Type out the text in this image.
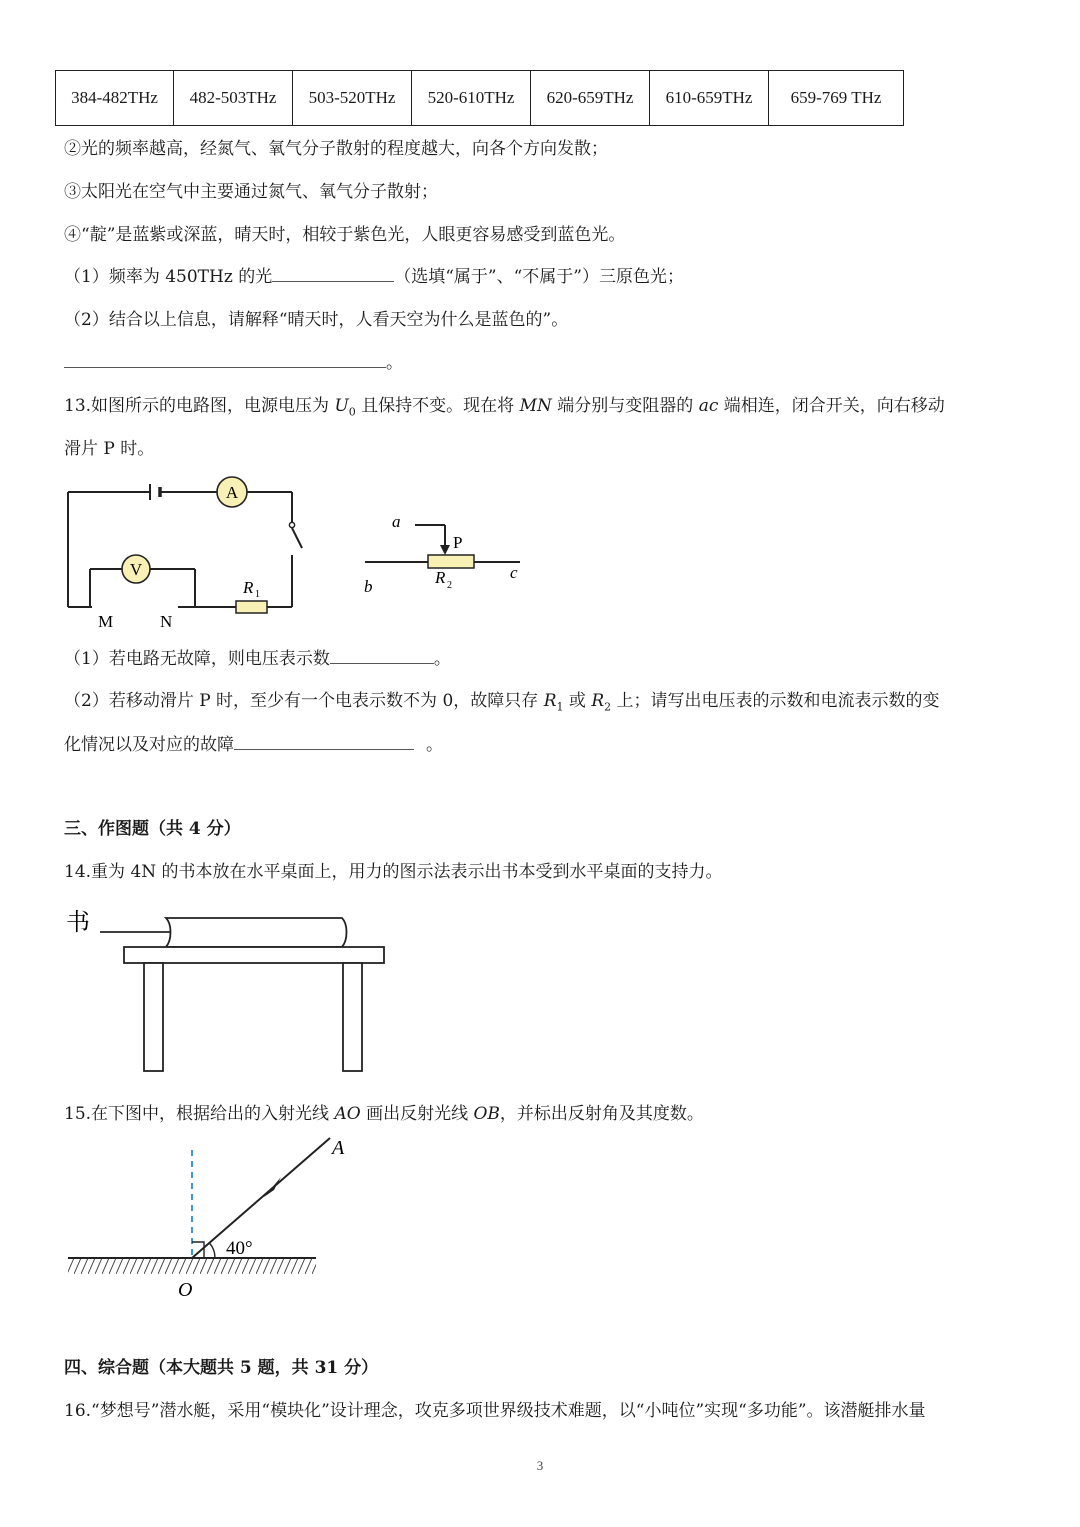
384-482THz	482-503THz	503-520THz	520-610THz	620-659THz	610-659THz	659-769 THz
②光的频率越高，经氮气、氧气分子散射的程度越大，向各个方向发散；
③太阳光在空气中主要通过氮气、氧气分子散射；
④“靛”是蓝紫或深蓝，晴天时，相较于紫色光，人眼更容易感受到蓝色光。
（1）频率为 450THz 的光	（选填“属于”、“不属于”）三原色光；
（2）结合以上信息，请解释“晴天时，人看天空为什么是蓝色的”。
。
13.如图所示的电路图，电源电压为 $U_0$ 且保持不变。现在将 MN 端分别与变阻器的 ac 端相连，闭合开关，向右移动
滑片 P 时。
A
V
R 1
M	N
a
P
b
c
R 2
（1）若电路无故障，则电压表示数	。
（2）若移动滑片 P 时，至少有一个电表示数不为 0，故障只存 $R_1$ 或 $R_2$ 上；请写出电压表的示数和电流表示数的变
化情况以及对应的故障	。
三、作图题（共 4 分）
14.重为 4N 的书本放在水平桌面上，用力的图示法表示出书本受到水平桌面的支持力。
书
15.在下图中，根据给出的入射光线 AO 画出反射光线 OB，并标出反射角及其度数。
40°
A
O
四、综合题（本大题共 5 题，共 31 分）
16.“梦想号”潜水艇，采用“模块化”设计理念，攻克多项世界级技术难题，以“小吨位”实现“多功能”。该潜艇排水量
3
